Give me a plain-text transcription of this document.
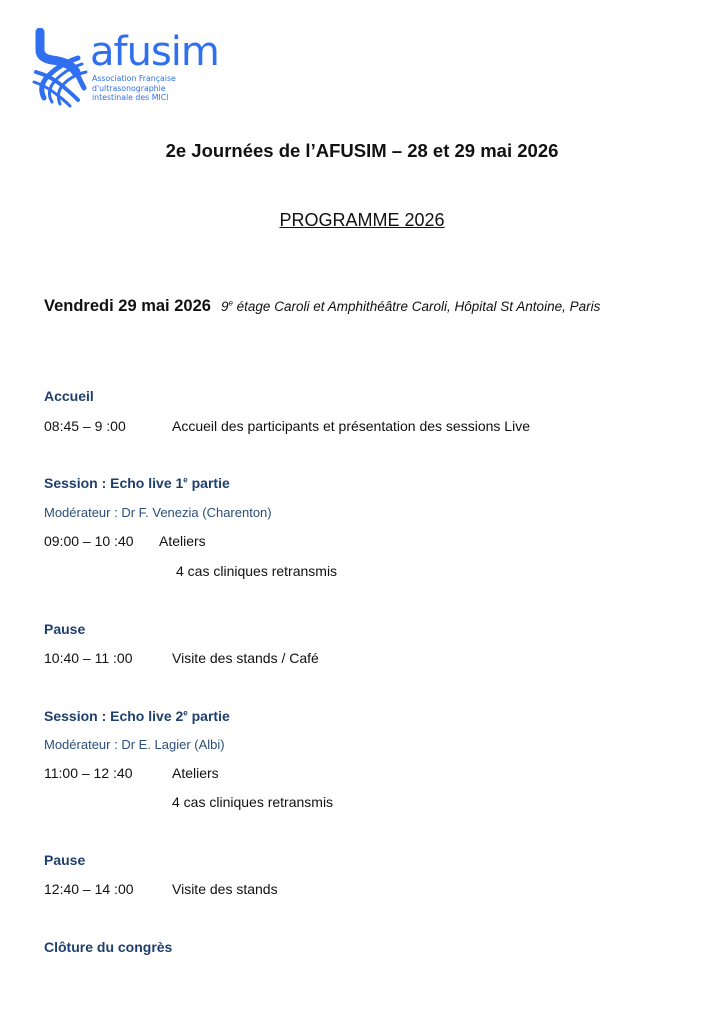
afusim
Association Française
d'ultrasonographie
intestinale des MICI
2e Journées de l’AFUSIM – 28 et 29 mai 2026
PROGRAMME 2026
Vendredi 29 mai 2026 9e étage Caroli et Amphithéâtre Caroli, Hôpital St Antoine, Paris
Accueil
08:45 – 9 :00	Accueil des participants et présentation des sessions Live
Session : Echo live 1e partie
Modérateur : Dr F. Venezia (Charenton)
09:00 – 10 :40 Ateliers
4 cas cliniques retransmis
Pause
10:40 – 11 :00	Visite des stands / Café
Session : Echo live 2e partie
Modérateur : Dr E. Lagier (Albi)
11:00 – 12 :40	Ateliers
4 cas cliniques retransmis
Pause
12:40 – 14 :00	Visite des stands
Clôture du congrès
